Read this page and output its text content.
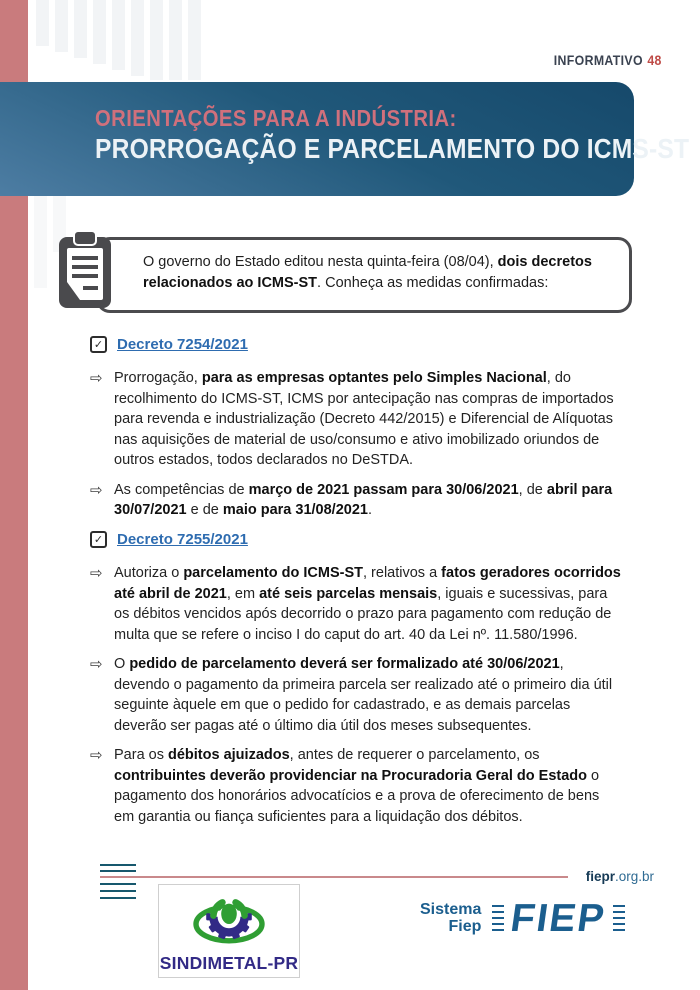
INFORMATIVO 48
ORIENTAÇÕES PARA A INDÚSTRIA:
PRORROGAÇÃO E PARCELAMENTO DO ICMS-ST

O governo do Estado editou nesta quinta-feira (08/04), dois decretos relacionados ao ICMS-ST. Conheça as medidas confirmadas:

✓ Decreto 7254/2021
⇨ Prorrogação, para as empresas optantes pelo Simples Nacional, do recolhimento do ICMS-ST, ICMS por antecipação nas compras de importados para revenda e industrialização (Decreto 442/2015) e Diferencial de Alíquotas nas aquisições de material de uso/consumo e ativo imobilizado oriundos de outros estados, todos declarados no DeSTDA.

⇨ As competências de março de 2021 passam para 30/06/2021, de abril para 30/07/2021 e de maio para 31/08/2021.

✓ Decreto 7255/2021
⇨ Autoriza o parcelamento do ICMS-ST, relativos a fatos geradores ocorridos até abril de 2021, em até seis parcelas mensais, iguais e sucessivas, para os débitos vencidos após decorrido o prazo para pagamento com redução de multa que se refere o inciso I do caput do art. 40 da Lei nº. 11.580/1996.

⇨ O pedido de parcelamento deverá ser formalizado até 30/06/2021, devendo o pagamento da primeira parcela ser realizado até o primeiro dia útil seguinte àquele em que o pedido for cadastrado, e as demais parcelas deverão ser pagas até o último dia útil dos meses subsequentes.

⇨ Para os débitos ajuizados, antes de requerer o parcelamento, os contribuintes deverão providenciar na Procuradoria Geral do Estado o pagamento dos honorários advocatícios e a prova de oferecimento de bens em garantia ou fiança suficientes para a liquidação dos débitos.

fiepr.org.br
SINDIMETAL-PR
Sistema
Fiep FIEP
